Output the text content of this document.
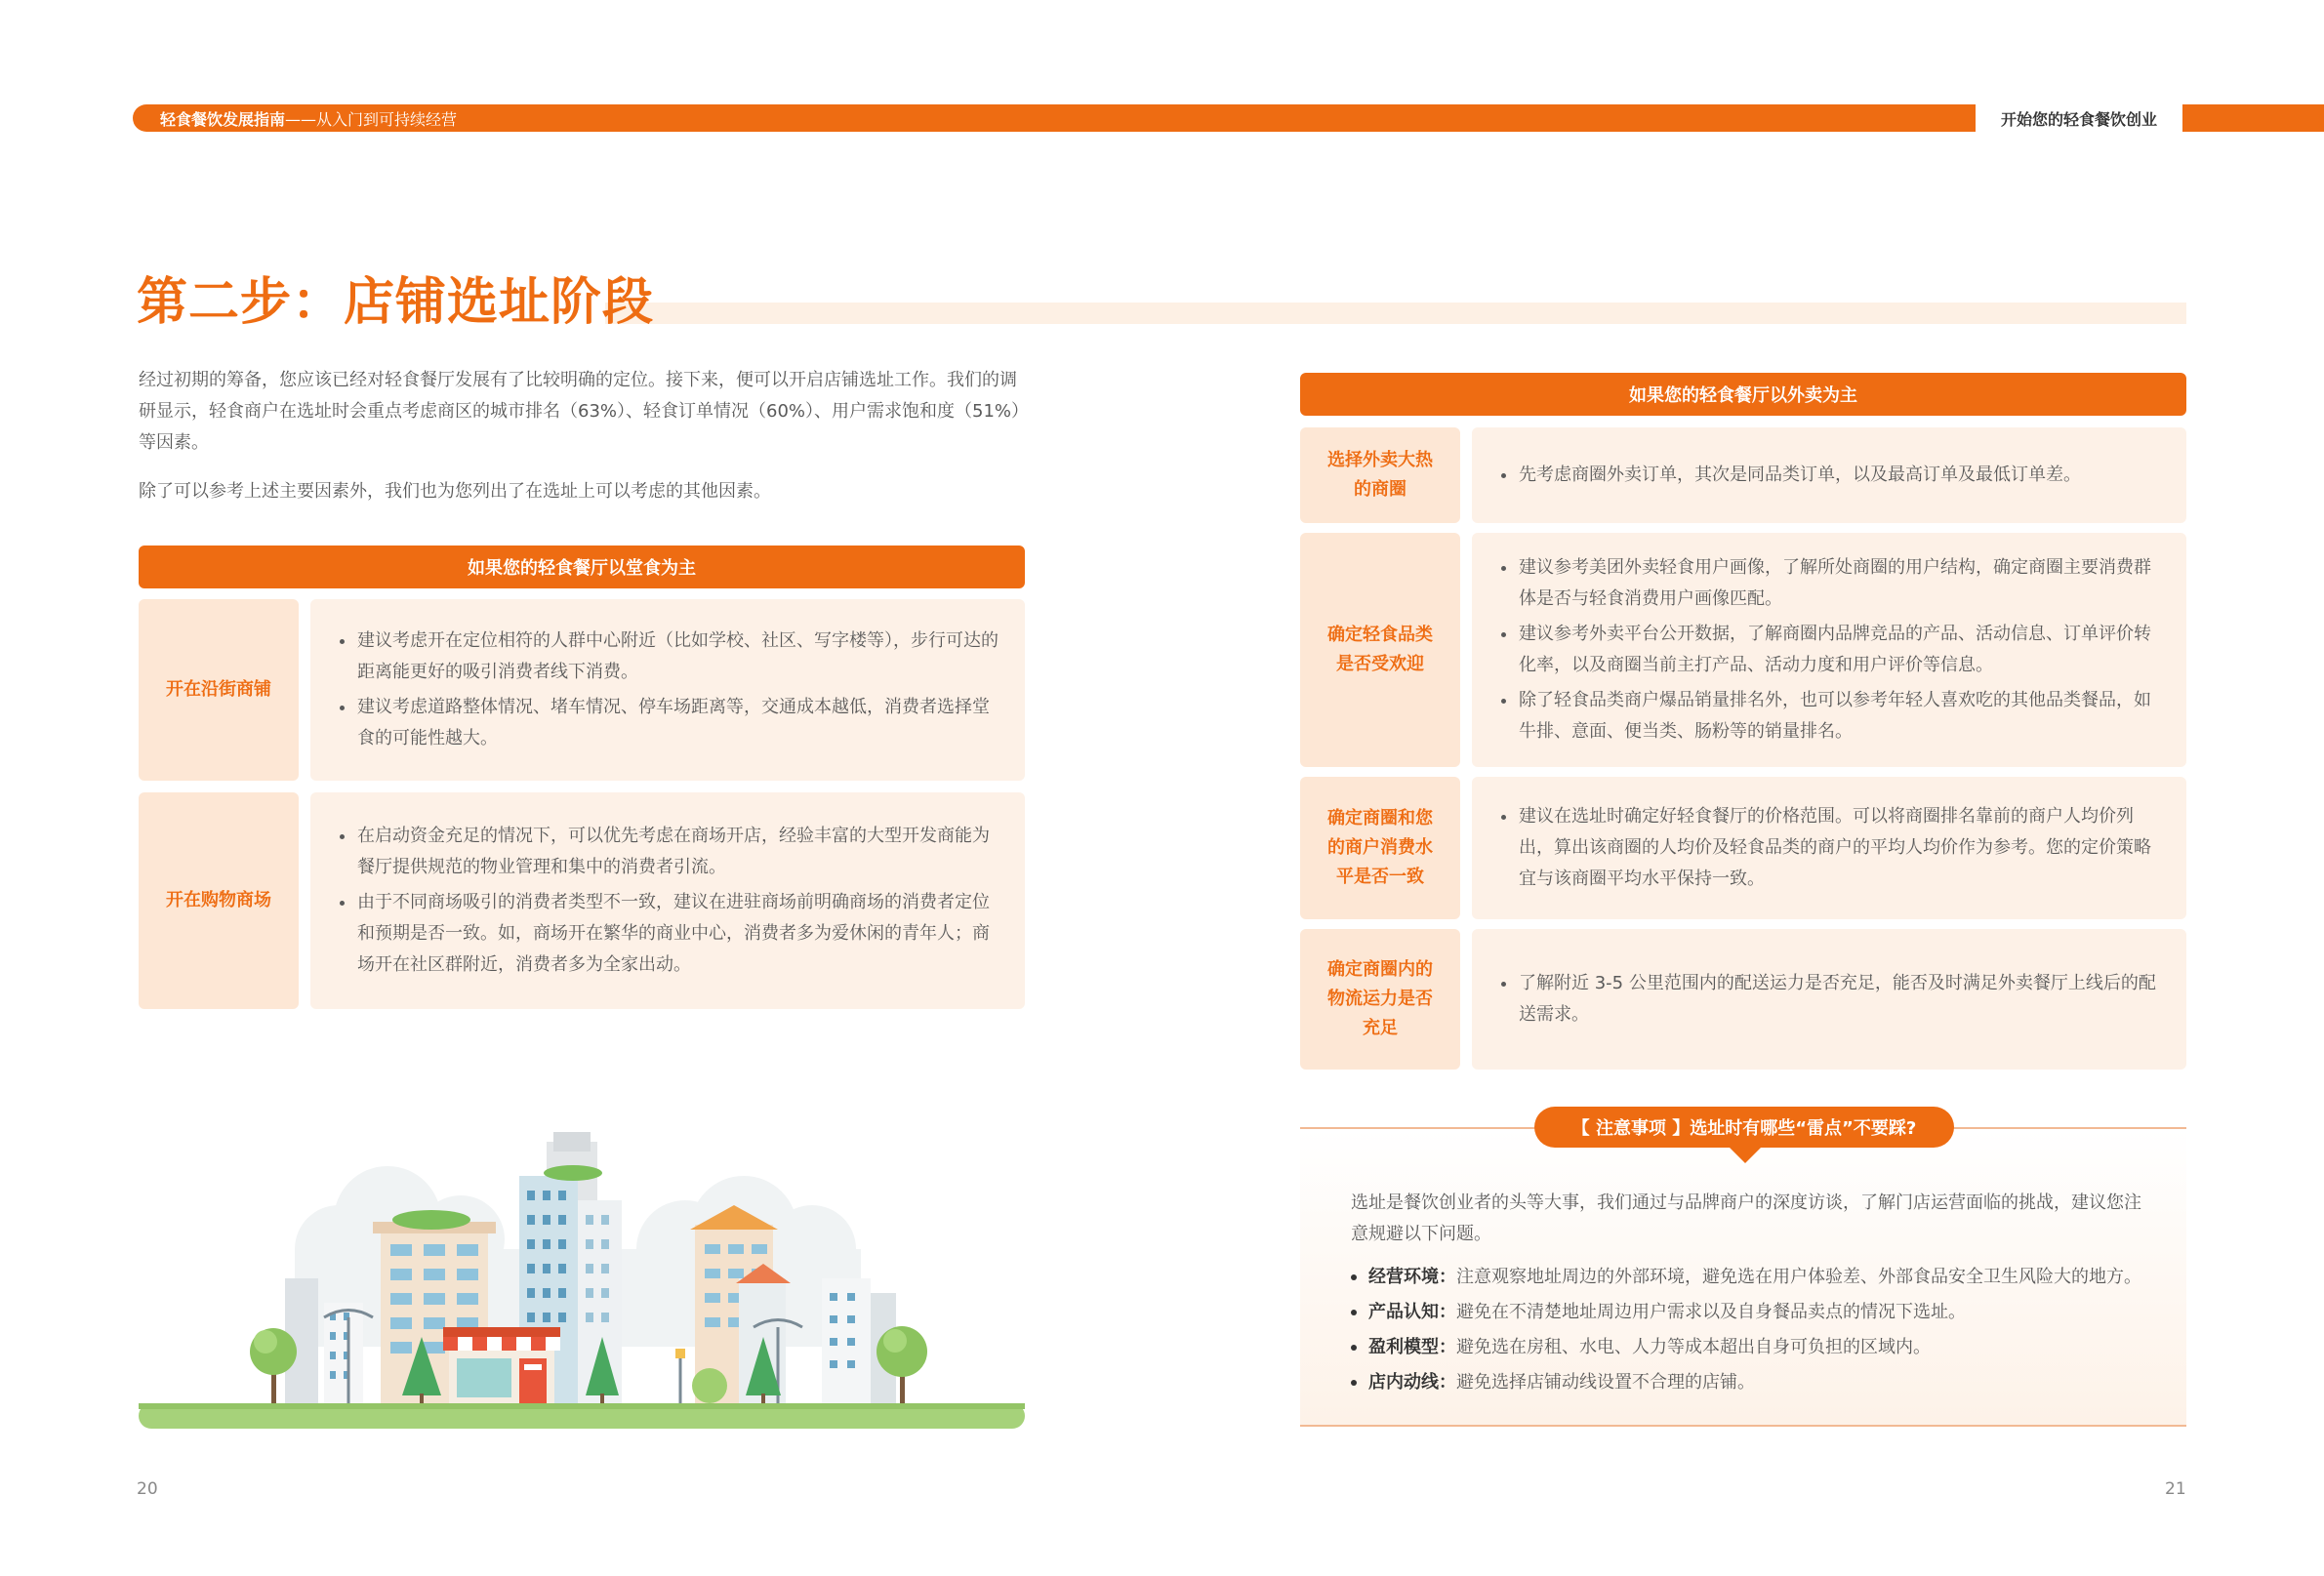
轻食餐饮发展指南 ——从入门到可持续经营	开始您的轻食餐饮创业
第二步：店铺选址阶段

经过初期的筹备，您应该已经对轻食餐厅发展有了比较明确的定位。接下来，便可以开启店铺选址工作。我们的调研显示，轻食商户在选址时会重点考虑商区的城市排名（63%）、轻食订单情况（60%）、用户需求饱和度（51%）等因素。

除了可以参考上述主要因素外，我们也为您列出了在选址上可以考虑的其他因素。

如果您的轻食餐厅以堂食为主
开在沿街商铺
建议考虑开在定位相符的人群中心附近（比如学校、社区、写字楼等），步行可达的距离能更好的吸引消费者线下消费。
建议考虑道路整体情况、堵车情况、停车场距离等，交通成本越低，消费者选择堂食的可能性越大。
开在购物商场
在启动资金充足的情况下，可以优先考虑在商场开店，经验丰富的大型开发商能为餐厅提供规范的物业管理和集中的消费者引流。
由于不同商场吸引的消费者类型不一致，建议在进驻商场前明确商场的消费者定位和预期是否一致。如，商场开在繁华的商业中心，消费者多为爱休闲的青年人；商场开在社区群附近，消费者多为全家出动。
如果您的轻食餐厅以外卖为主
选择外卖大热
的商圈
先考虑商圈外卖订单，其次是同品类订单，以及最高订单及最低订单差。
确定轻食品类
是否受欢迎
建议参考美团外卖轻食用户画像，了解所处商圈的用户结构，确定商圈主要消费群体是否与轻食消费用户画像匹配。
建议参考外卖平台公开数据，了解商圈内品牌竞品的产品、活动信息、订单评价转化率，以及商圈当前主打产品、活动力度和用户评价等信息。
除了轻食品类商户爆品销量排名外，也可以参考年轻人喜欢吃的其他品类餐品，如牛排、意面、便当类、肠粉等的销量排名。
确定商圈和您
的商户消费水
平是否一致
建议在选址时确定好轻食餐厅的价格范围。可以将商圈排名靠前的商户人均价列出，算出该商圈的人均价及轻食品类的商户的平均人均价作为参考。您的定价策略宜与该商圈平均水平保持一致。
确定商圈内的
物流运力是否
充足
了解附近 3-5 公里范围内的配送运力是否充足，能否及时满足外卖餐厅上线后的配送需求。
【 注意事项 】选址时有哪些“雷点”不要踩?
选址是餐饮创业者的头等大事，我们通过与品牌商户的深度访谈，了解门店运营面临的挑战，建议您注意规避以下问题。
经营环境：注意观察地址周边的外部环境，避免选在用户体验差、外部食品安全卫生风险大的地方。
产品认知：避免在不清楚地址周边用户需求以及自身餐品卖点的情况下选址。
盈利模型：避免选在房租、水电、人力等成本超出自身可负担的区域内。
店内动线：避免选择店铺动线设置不合理的店铺。
20	21
